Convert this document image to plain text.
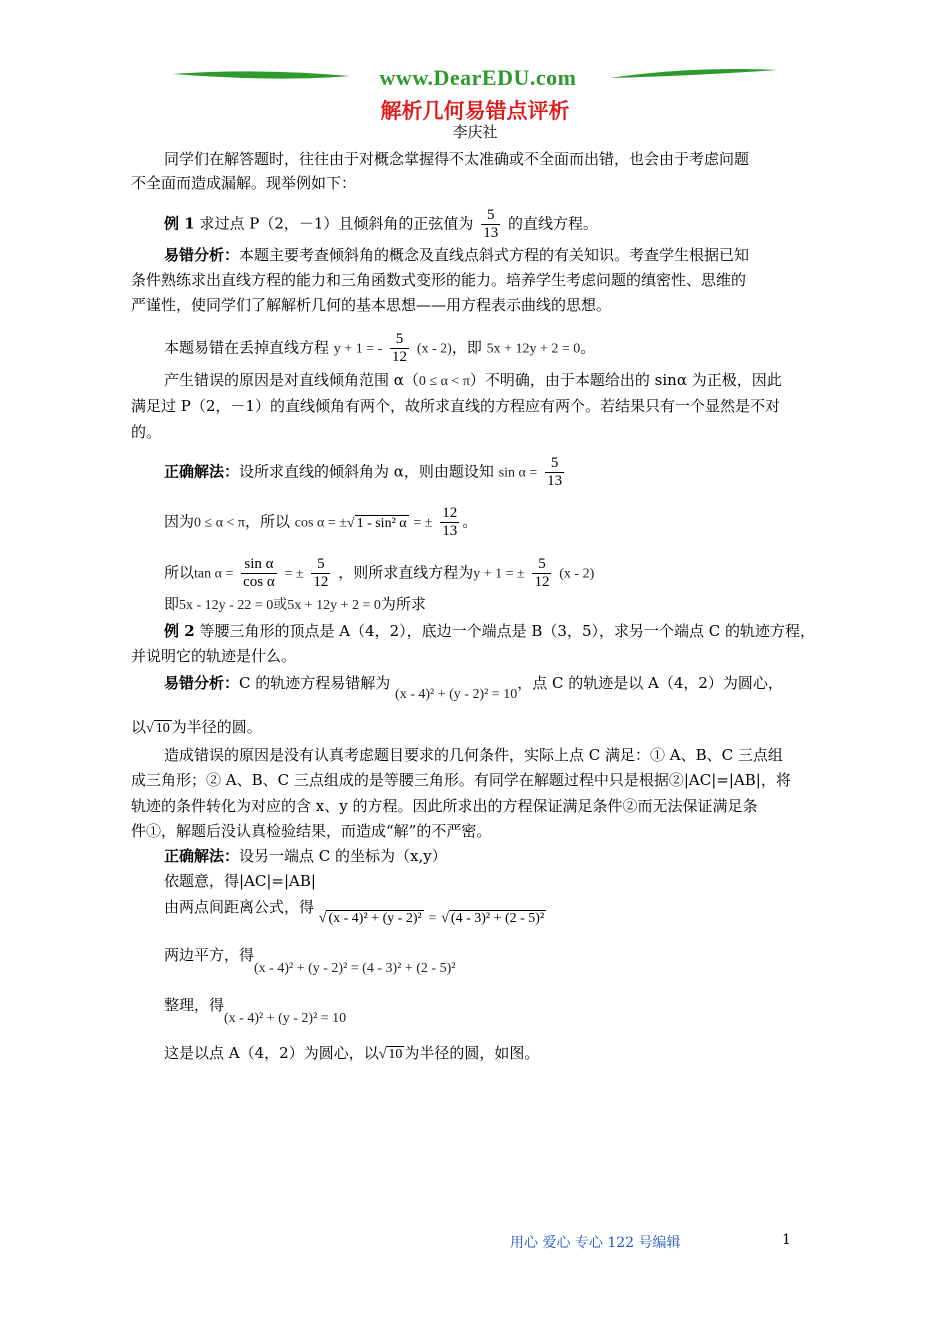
www.DearEDU.com
解析几何易错点评析
李庆社
同学们在解答题时，往往由于对概念掌握得不太准确或不全面而出错，也会由于考虑问题
不全面而造成漏解。现举例如下：
例 1 求过点 P（2，－1）且倾斜角的正弦值为 $\frac{5}{13}$ 的直线方程。
易错分析：本题主要考查倾斜角的概念及直线点斜式方程的有关知识。考查学生根据已知
条件熟练求出直线方程的能力和三角函数式变形的能力。培养学生考虑问题的缜密性、思维的
严谨性，使同学们了解解析几何的基本思想——用方程表示曲线的思想。
本题易错在丢掉直线方程 y + 1 = - $\frac{5}{12} (x - 2)$，即 5x + 12y + 2 = 0。
产生错误的原因是对直线倾角范围 α（0 ≤ α < π）不明确，由于本题给出的 sinα 为正极，因此
满足过 P（2，－1）的直线倾角有两个，故所求直线的方程应有两个。若结果只有一个显然是不对
的。
正确解法：设所求直线的倾斜角为 α，则由题设知 $\sin \alpha = \frac{5}{13}$
因为0 ≤ α < π，所以 cos α = ±√ 1 - sin² α = ± $\frac{12}{13}$ 。
所以$\tan \alpha = \frac{\text{sin α}}{\text{cos α}}$ = ± $\frac{5}{12}$ ，则所求直线方程为y + 1 = ± $\frac{5}{12} (x - 2)$
即5x - 12y - 22 = 0或5x + 12y + 2 = 0为所求
例 2 等腰三角形的顶点是 A（4，2），底边一个端点是 B（3，5），求另一个端点 C 的轨迹方程，
并说明它的轨迹是什么。
易错分析：C 的轨迹方程易错解为 (x - 4)² + (y - 2)² = 10，点 C 的轨迹是以 A（4，2）为圆心，
以√ 10 为半径的圆。
造成错误的原因是没有认真考虑题目要求的几何条件，实际上点 C 满足：① A、B、C 三点组
成三角形；② A、B、C 三点组成的是等腰三角形。有同学在解题过程中只是根据②|AC|=|AB|，将
轨迹的条件转化为对应的含 x、y 的方程。因此所求出的方程保证满足条件②而无法保证满足条
件①，解题后没认真检验结果，而造成“解”的不严密。
正确解法：设另一端点 C 的坐标为（x,y）
依题意，得|AC|=|AB|
由两点间距离公式，得 √ (x - 4)² + (y - 2)² = √ (4 - 3)² + (2 - 5)²
两边平方，得(x - 4)² + (y - 2)² = (4 - 3)² + (2 - 5)²
整理，得(x - 4)² + (y - 2)² = 10
这是以点 A（4，2）为圆心，以√ 10 为半径的圆，如图。
用心 爱心 专心 122 号编辑	1
